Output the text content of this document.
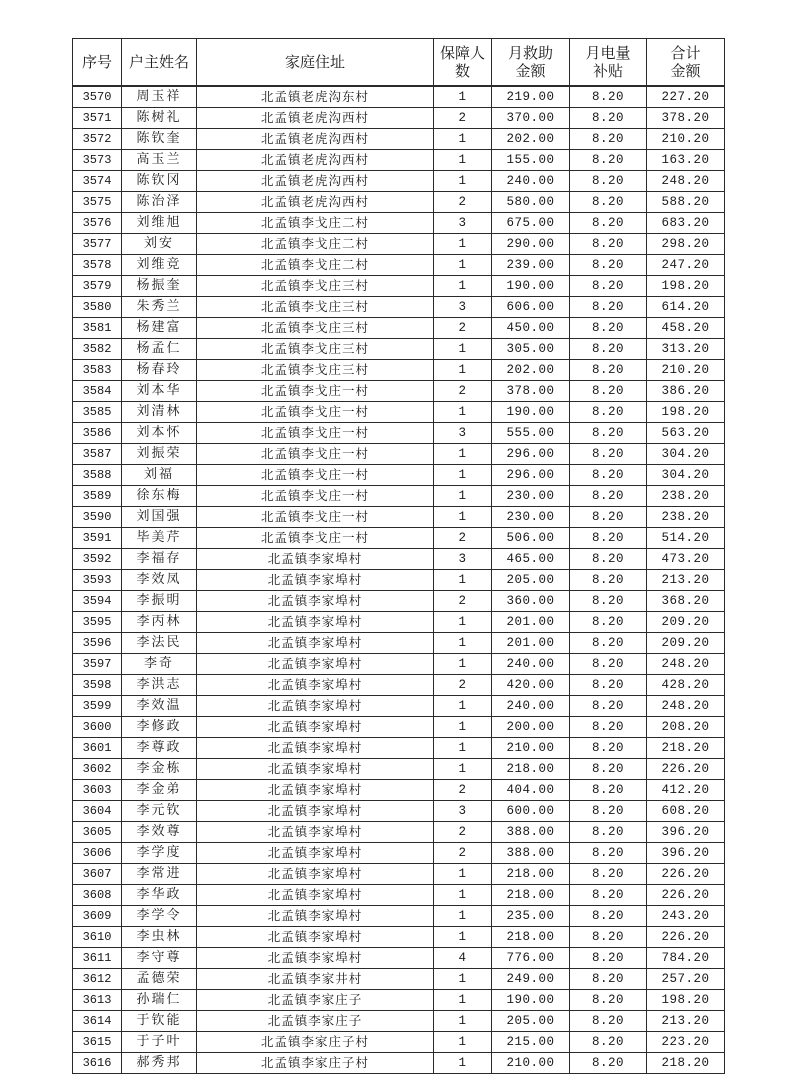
序号	户主姓名	家庭住址	保障人数	月救助金额	月电量补贴	合计金额
3570	周玉祥	北孟镇老虎沟东村	1	219.00	8.20	227.20
3571	陈树礼	北孟镇老虎沟西村	2	370.00	8.20	378.20
3572	陈钦奎	北孟镇老虎沟西村	1	202.00	8.20	210.20
3573	高玉兰	北孟镇老虎沟西村	1	155.00	8.20	163.20
3574	陈钦冈	北孟镇老虎沟西村	1	240.00	8.20	248.20
3575	陈治泽	北孟镇老虎沟西村	2	580.00	8.20	588.20
3576	刘维旭	北孟镇李戈庄二村	3	675.00	8.20	683.20
3577	刘安	北孟镇李戈庄二村	1	290.00	8.20	298.20
3578	刘维竞	北孟镇李戈庄二村	1	239.00	8.20	247.20
3579	杨振奎	北孟镇李戈庄三村	1	190.00	8.20	198.20
3580	朱秀兰	北孟镇李戈庄三村	3	606.00	8.20	614.20
3581	杨建富	北孟镇李戈庄三村	2	450.00	8.20	458.20
3582	杨孟仁	北孟镇李戈庄三村	1	305.00	8.20	313.20
3583	杨春玲	北孟镇李戈庄三村	1	202.00	8.20	210.20
3584	刘本华	北孟镇李戈庄一村	2	378.00	8.20	386.20
3585	刘清林	北孟镇李戈庄一村	1	190.00	8.20	198.20
3586	刘本怀	北孟镇李戈庄一村	3	555.00	8.20	563.20
3587	刘振荣	北孟镇李戈庄一村	1	296.00	8.20	304.20
3588	刘福	北孟镇李戈庄一村	1	296.00	8.20	304.20
3589	徐东梅	北孟镇李戈庄一村	1	230.00	8.20	238.20
3590	刘国强	北孟镇李戈庄一村	1	230.00	8.20	238.20
3591	毕美芹	北孟镇李戈庄一村	2	506.00	8.20	514.20
3592	李福存	北孟镇李家埠村	3	465.00	8.20	473.20
3593	李效凤	北孟镇李家埠村	1	205.00	8.20	213.20
3594	李振明	北孟镇李家埠村	2	360.00	8.20	368.20
3595	李丙林	北孟镇李家埠村	1	201.00	8.20	209.20
3596	李法民	北孟镇李家埠村	1	201.00	8.20	209.20
3597	李奇	北孟镇李家埠村	1	240.00	8.20	248.20
3598	李洪志	北孟镇李家埠村	2	420.00	8.20	428.20
3599	李效温	北孟镇李家埠村	1	240.00	8.20	248.20
3600	李修政	北孟镇李家埠村	1	200.00	8.20	208.20
3601	李尊政	北孟镇李家埠村	1	210.00	8.20	218.20
3602	李金栋	北孟镇李家埠村	1	218.00	8.20	226.20
3603	李金弟	北孟镇李家埠村	2	404.00	8.20	412.20
3604	李元钦	北孟镇李家埠村	3	600.00	8.20	608.20
3605	李效尊	北孟镇李家埠村	2	388.00	8.20	396.20
3606	李学度	北孟镇李家埠村	2	388.00	8.20	396.20
3607	李常进	北孟镇李家埠村	1	218.00	8.20	226.20
3608	李华政	北孟镇李家埠村	1	218.00	8.20	226.20
3609	李学令	北孟镇李家埠村	1	235.00	8.20	243.20
3610	李虫林	北孟镇李家埠村	1	218.00	8.20	226.20
3611	李守尊	北孟镇李家埠村	4	776.00	8.20	784.20
3612	孟德荣	北孟镇李家井村	1	249.00	8.20	257.20
3613	孙瑞仁	北孟镇李家庄子	1	190.00	8.20	198.20
3614	于钦能	北孟镇李家庄子	1	205.00	8.20	213.20
3615	于子叶	北孟镇李家庄子村	1	215.00	8.20	223.20
3616	郝秀邦	北孟镇李家庄子村	1	210.00	8.20	218.20
